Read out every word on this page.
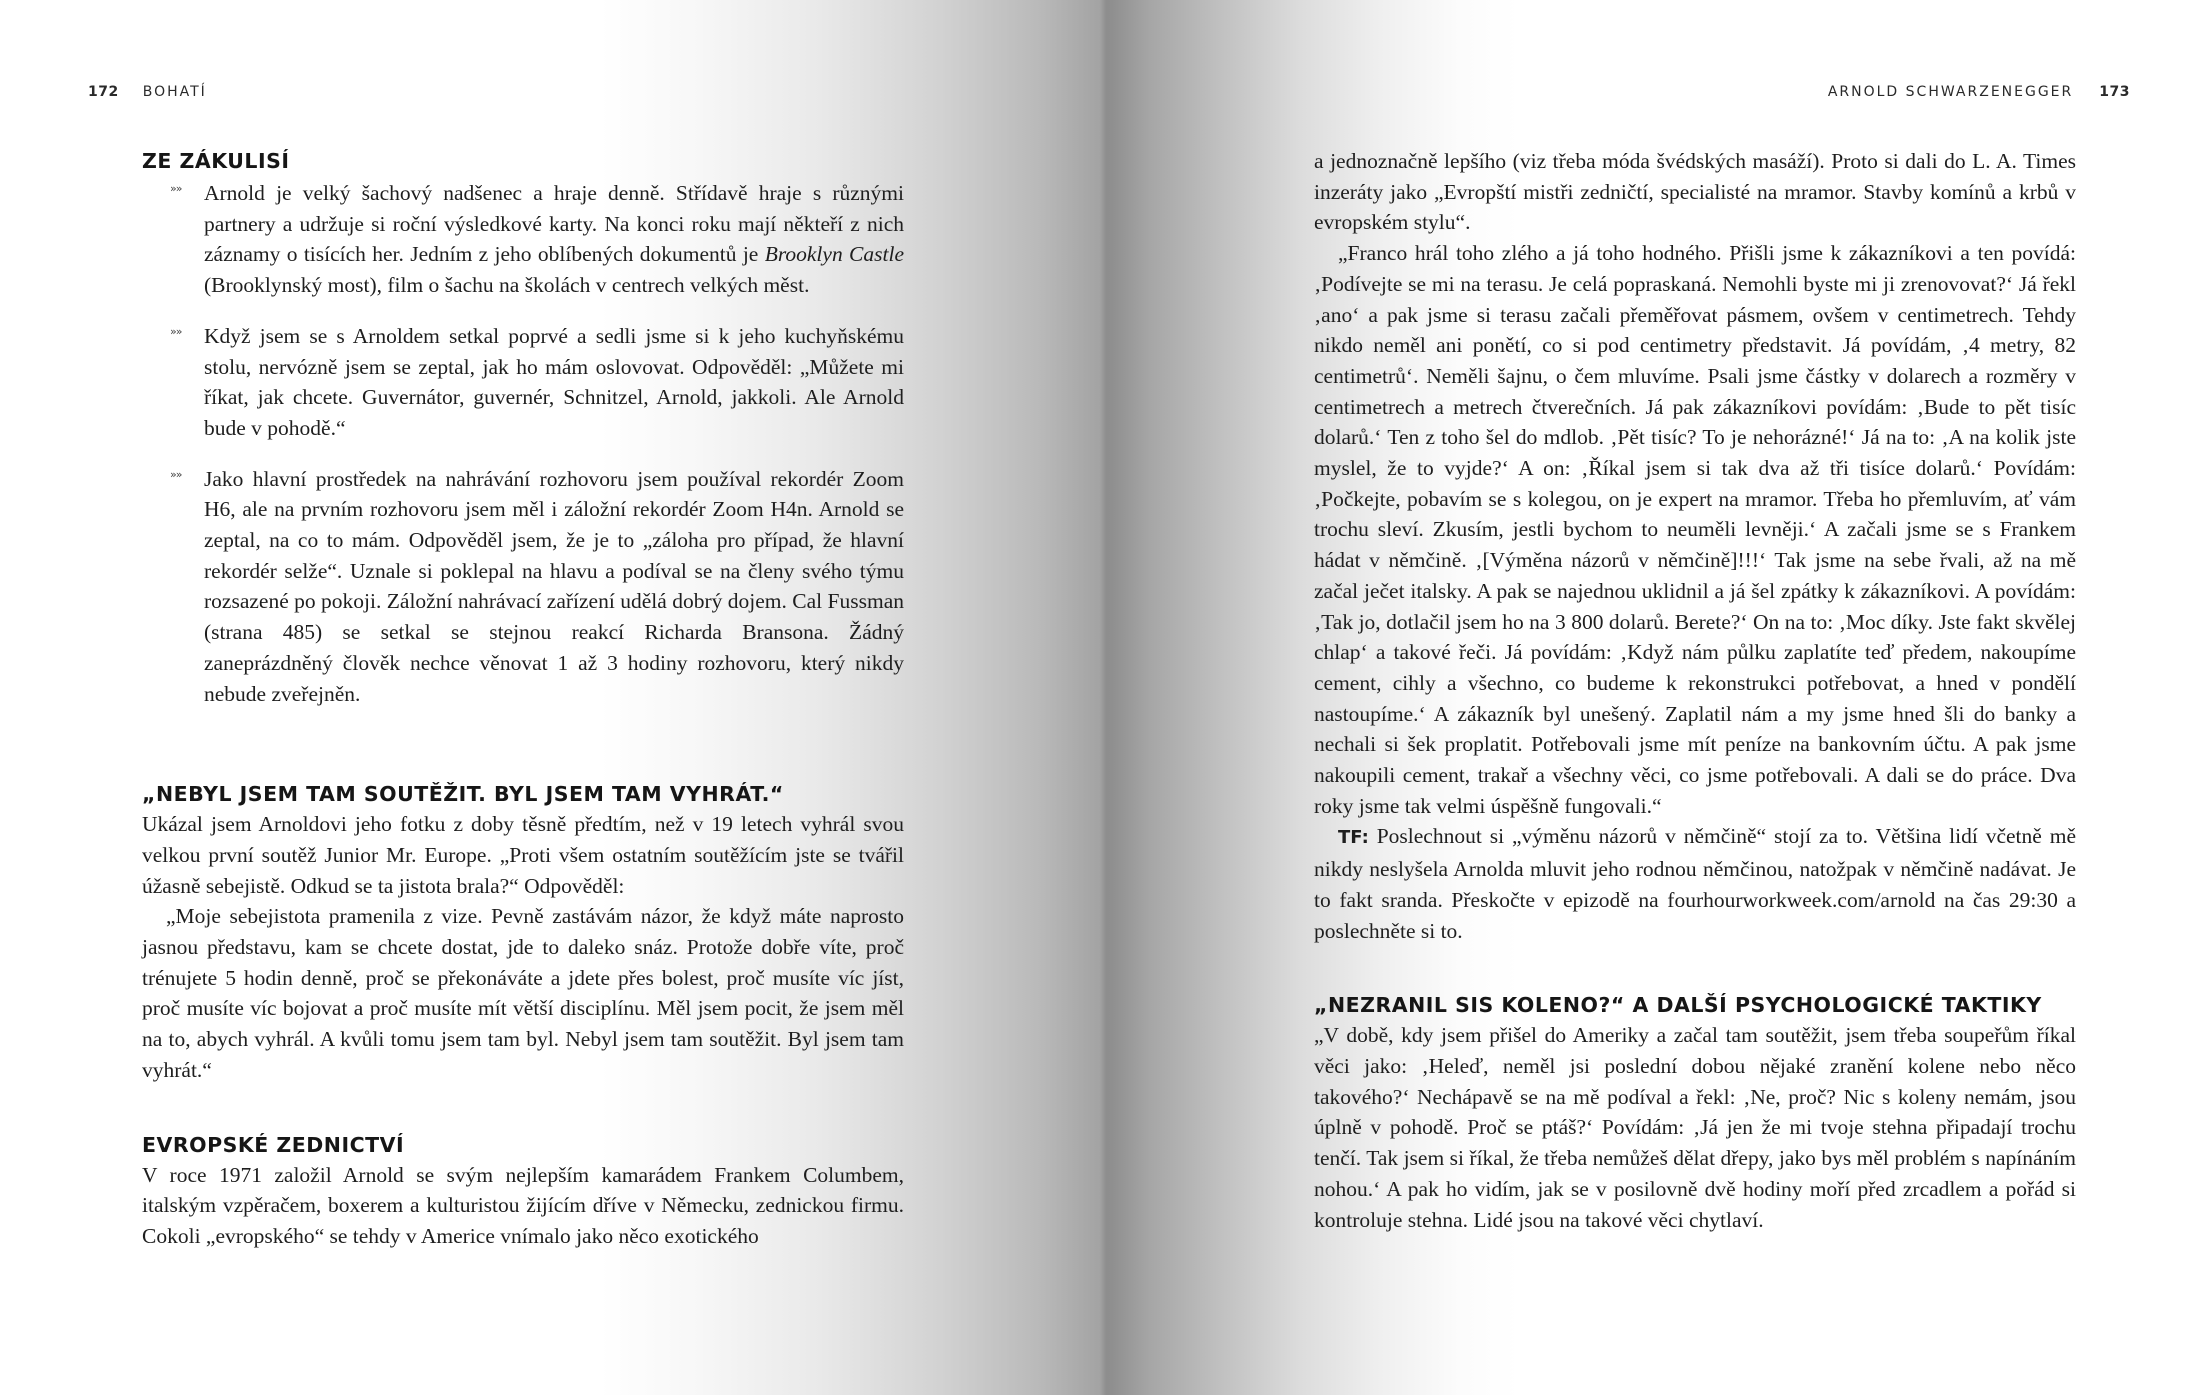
172 BOHATÍ
ZE ZÁKULISÍ
»» Arnold je velký šachový nadšenec a hraje denně. Střídavě hraje s různými partnery a udržuje si roční výsledkové karty. Na konci roku mají někteří z nich záznamy o tisících her. Jedním z jeho oblíbených dokumentů je Brooklyn Castle (Brooklynský most), film o šachu na školách v centrech velkých měst.

»» Když jsem se s Arnoldem setkal poprvé a sedli jsme si k jeho kuchyňskému stolu, nervózně jsem se zeptal, jak ho mám oslovovat. Odpověděl: „Můžete mi říkat, jak chcete. Guvernátor, guvernér, Schnitzel, Arnold, jakkoli. Ale Arnold bude v pohodě.“

»» Jako hlavní prostředek na nahrávání rozhovoru jsem používal rekordér Zoom H6, ale na prvním rozhovoru jsem měl i záložní rekordér Zoom H4n. Arnold se zeptal, na co to mám. Odpověděl jsem, že je to „záloha pro případ, že hlavní rekordér selže“. Uznale si poklepal na hlavu a podíval se na členy svého týmu rozsazené po pokoji. Záložní nahrávací zařízení udělá dobrý dojem. Cal Fussman (strana 485) se setkal se stejnou reakcí Richarda Bransona. Žádný zaneprázdněný člověk nechce věnovat 1 až 3 hodiny rozhovoru, který nikdy nebude zveřejněn.

„NEBYL JSEM TAM SOUTĚŽIT. BYL JSEM TAM VYHRÁT.“

Ukázal jsem Arnoldovi jeho fotku z doby těsně předtím, než v 19 letech vyhrál svou velkou první soutěž Junior Mr. Europe. „Proti všem ostatním soutěžícím jste se tvářil úžasně sebejistě. Odkud se ta jistota brala?“ Odpověděl:

„Moje sebejistota pramenila z vize. Pevně zastávám názor, že když máte naprosto jasnou představu, kam se chcete dostat, jde to daleko snáz. Protože dobře víte, proč trénujete 5 hodin denně, proč se překonáváte a jdete přes bolest, proč musíte víc jíst, proč musíte víc bojovat a proč musíte mít větší disciplínu. Měl jsem pocit, že jsem měl na to, abych vyhrál. A kvůli tomu jsem tam byl. Nebyl jsem tam soutěžit. Byl jsem tam vyhrát.“

EVROPSKÉ ZEDNICTVÍ

V roce 1971 založil Arnold se svým nejlepším kamarádem Frankem Columbem, italským vzpěračem, boxerem a kulturistou žijícím dříve v Německu, zednickou firmu. Cokoli „evropského“ se tehdy v Americe vnímalo jako něco exotického

ARNOLD SCHWARZENEGGER 173

a jednoznačně lepšího (viz třeba móda švédských masáží). Proto si dali do L. A. Times inzeráty jako „Evropští mistři zedničtí, specialisté na mramor. Stavby komínů a krbů v evropském stylu“.

„Franco hrál toho zlého a já toho hodného. Přišli jsme k zákazníkovi a ten povídá: ‚Podívejte se mi na terasu. Je celá popraskaná. Nemohli byste mi ji zrenovovat?‘ Já řekl ‚ano‘ a pak jsme si terasu začali přeměřovat pásmem, ovšem v centimetrech. Tehdy nikdo neměl ani ponětí, co si pod centimetry představit. Já povídám, ‚4 metry, 82 centimetrů‘. Neměli šajnu, o čem mluvíme. Psali jsme částky v dolarech a rozměry v centimetrech a metrech čtverečních. Já pak zákazníkovi povídám: ‚Bude to pět tisíc dolarů.‘ Ten z toho šel do mdlob. ‚Pět tisíc? To je nehorázné!‘ Já na to: ‚A na kolik jste myslel, že to vyjde?‘ A on: ‚Říkal jsem si tak dva až tři tisíce dolarů.‘ Povídám: ‚Počkejte, pobavím se s kolegou, on je expert na mramor. Třeba ho přemluvím, ať vám trochu sleví. Zkusím, jestli bychom to neuměli levněji.‘ A začali jsme se s Frankem hádat v němčině. ‚[Výměna názorů v němčině]!!!‘ Tak jsme na sebe řvali, až na mě začal ječet italsky. A pak se najednou uklidnil a já šel zpátky k zákazníkovi. A povídám: ‚Tak jo, dotlačil jsem ho na 3 800 dolarů. Berete?‘ On na to: ‚Moc díky. Jste fakt skvělej chlap‘ a takové řeči. Já povídám: ‚Když nám půlku zaplatíte teď předem, nakoupíme cement, cihly a všechno, co budeme k rekonstrukci potřebovat, a hned v pondělí nastoupíme.‘ A zákazník byl unešený. Zaplatil nám a my jsme hned šli do banky a nechali si šek proplatit. Potřebovali jsme mít peníze na bankovním účtu. A pak jsme nakoupili cement, trakař a všechny věci, co jsme potřebovali. A dali se do práce. Dva roky jsme tak velmi úspěšně fungovali.“

TF: Poslechnout si „výměnu názorů v němčině“ stojí za to. Většina lidí včetně mě nikdy neslyšela Arnolda mluvit jeho rodnou němčinou, natožpak v němčině nadávat. Je to fakt sranda. Přeskočte v epizodě na fourhourworkweek.com/arnold na čas 29:30 a poslechněte si to.

„NEZRANIL SIS KOLENO?“ A DALŠÍ PSYCHOLOGICKÉ TAKTIKY

„V době, kdy jsem přišel do Ameriky a začal tam soutěžit, jsem třeba soupeřům říkal věci jako: ‚Heleď, neměl jsi poslední dobou nějaké zranění kolene nebo něco takového?‘ Nechápavě se na mě podíval a řekl: ‚Ne, proč? Nic s koleny nemám, jsou úplně v pohodě. Proč se ptáš?‘ Povídám: ‚Já jen že mi tvoje stehna připadají trochu tenčí. Tak jsem si říkal, že třeba nemůžeš dělat dřepy, jako bys měl problém s napínáním nohou.‘ A pak ho vidím, jak se v posilovně dvě hodiny moří před zrcadlem a pořád si kontroluje stehna. Lidé jsou na takové věci chytlaví.
